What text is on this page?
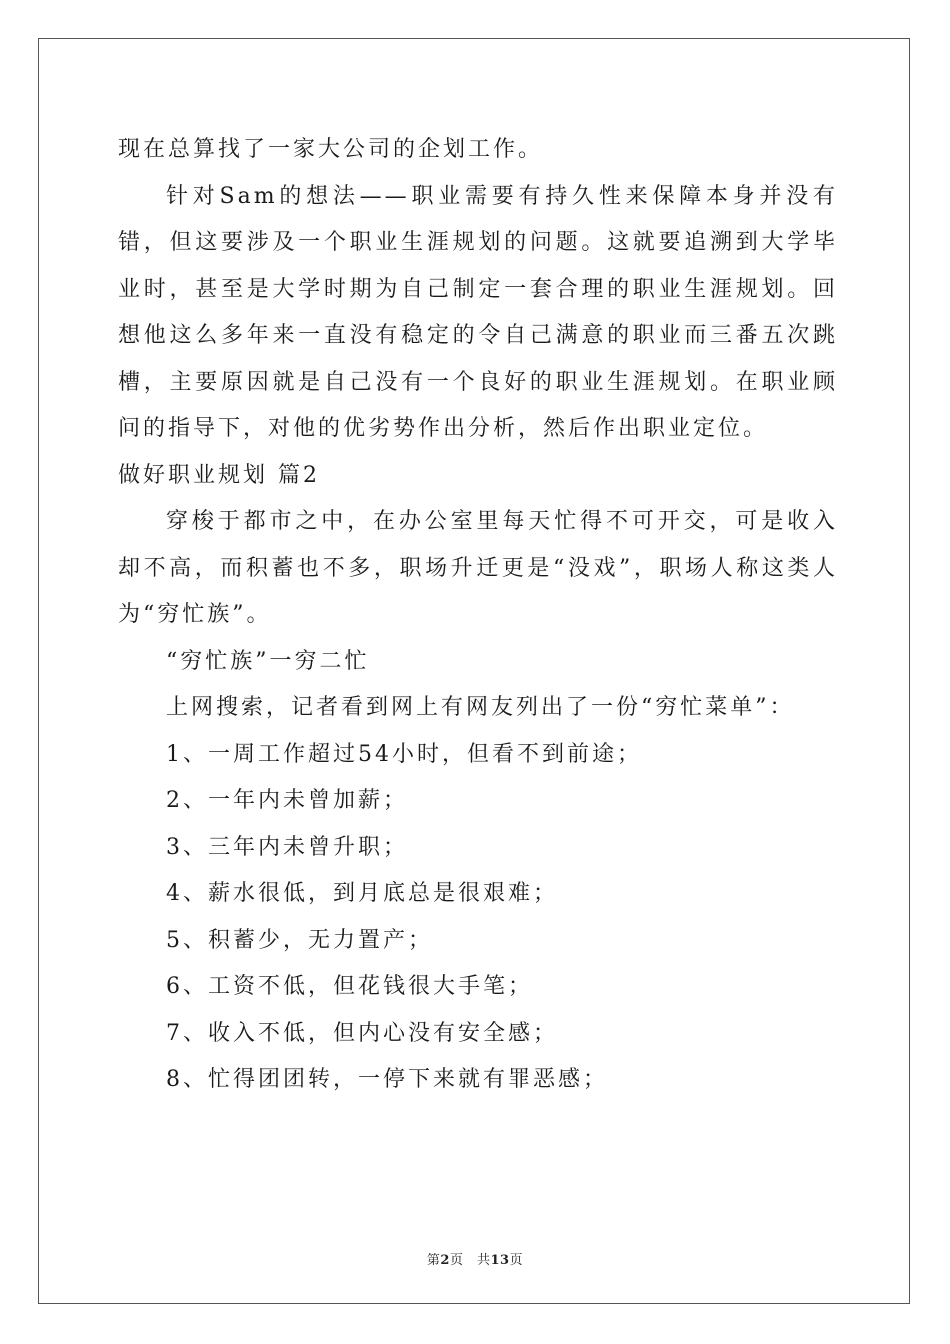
现在总算找了一家大公司的企划工作。

针对Sam的想法——职业需要有持久性来保障本身并没有错，但这要涉及一个职业生涯规划的问题。这就要追溯到大学毕业时，甚至是大学时期为自己制定一套合理的职业生涯规划。回想他这么多年来一直没有稳定的令自己满意的职业而三番五次跳槽，主要原因就是自己没有一个良好的职业生涯规划。在职业顾问的指导下，对他的优劣势作出分析，然后作出职业定位。

做好职业规划 篇2

穿梭于都市之中，在办公室里每天忙得不可开交，可是收入却不高，而积蓄也不多，职场升迁更是“没戏”，职场人称这类人为“穷忙族”。

“穷忙族”一穷二忙

上网搜索，记者看到网上有网友列出了一份“穷忙菜单”：

1、一周工作超过54小时，但看不到前途；

2、一年内未曾加薪；

3、三年内未曾升职；

4、薪水很低，到月底总是很艰难；

5、积蓄少，无力置产；

6、工资不低，但花钱很大手笔；

7、收入不低，但内心没有安全感；

8、忙得团团转，一停下来就有罪恶感；

第2页　共13页
